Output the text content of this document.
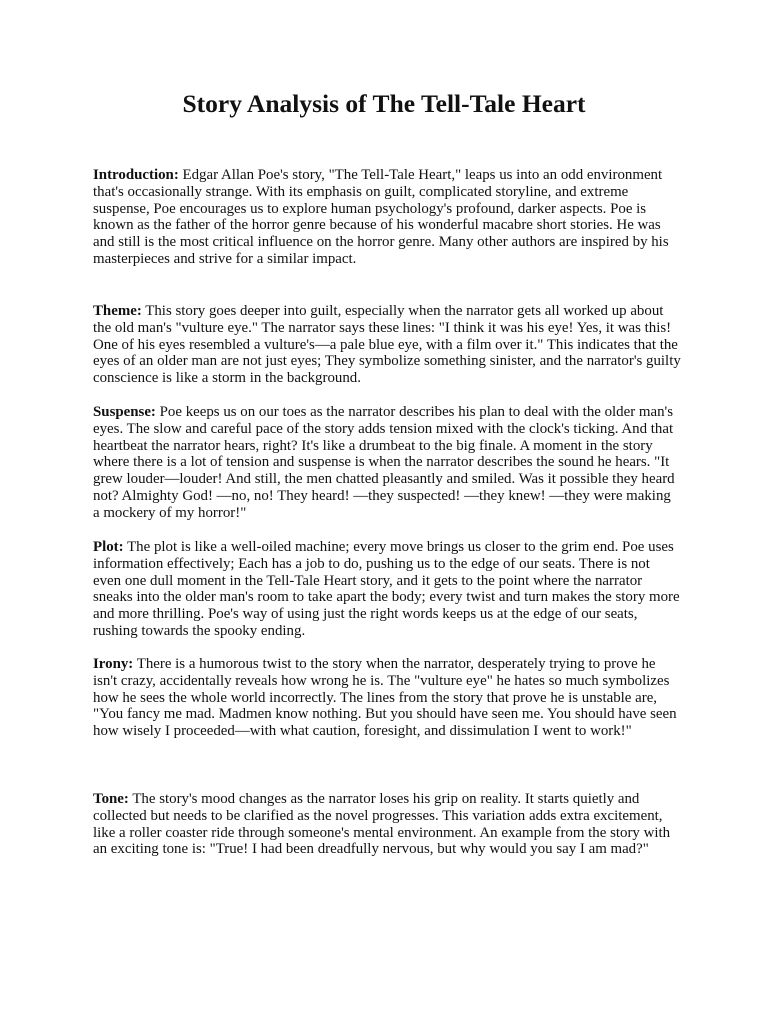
Story Analysis of The Tell-Tale Heart

Introduction: Edgar Allan Poe's story, "The Tell-Tale Heart," leaps us into an odd environment that's occasionally strange. With its emphasis on guilt, complicated storyline, and extreme suspense, Poe encourages us to explore human psychology's profound, darker aspects. Poe is known as the father of the horror genre because of his wonderful macabre short stories. He was and still is the most critical influence on the horror genre. Many other authors are inspired by his masterpieces and strive for a similar impact.

Theme: This story goes deeper into guilt, especially when the narrator gets all worked up about the old man's "vulture eye." The narrator says these lines: "I think it was his eye! Yes, it was this! One of his eyes resembled a vulture's—a pale blue eye, with a film over it." This indicates that the eyes of an older man are not just eyes; They symbolize something sinister, and the narrator's guilty conscience is like a storm in the background.

Suspense: Poe keeps us on our toes as the narrator describes his plan to deal with the older man's eyes. The slow and careful pace of the story adds tension mixed with the clock's ticking. And that heartbeat the narrator hears, right? It's like a drumbeat to the big finale. A moment in the story where there is a lot of tension and suspense is when the narrator describes the sound he hears. "It grew louder—louder! And still, the men chatted pleasantly and smiled. Was it possible they heard not? Almighty God! —no, no! They heard! —they suspected! —they knew! —they were making a mockery of my horror!"

Plot: The plot is like a well-oiled machine; every move brings us closer to the grim end. Poe uses information effectively; Each has a job to do, pushing us to the edge of our seats. There is not even one dull moment in the Tell-Tale Heart story, and it gets to the point where the narrator sneaks into the older man's room to take apart the body; every twist and turn makes the story more and more thrilling. Poe's way of using just the right words keeps us at the edge of our seats, rushing towards the spooky ending.

Irony: There is a humorous twist to the story when the narrator, desperately trying to prove he isn't crazy, accidentally reveals how wrong he is. The "vulture eye" he hates so much symbolizes how he sees the whole world incorrectly. The lines from the story that prove he is unstable are, "You fancy me mad. Madmen know nothing. But you should have seen me. You should have seen how wisely I proceeded—with what caution, foresight, and dissimulation I went to work!"

Tone: The story's mood changes as the narrator loses his grip on reality. It starts quietly and collected but needs to be clarified as the novel progresses. This variation adds extra excitement, like a roller coaster ride through someone's mental environment. An example from the story with an exciting tone is: "True! I had been dreadfully nervous, but why would you say I am mad?"
